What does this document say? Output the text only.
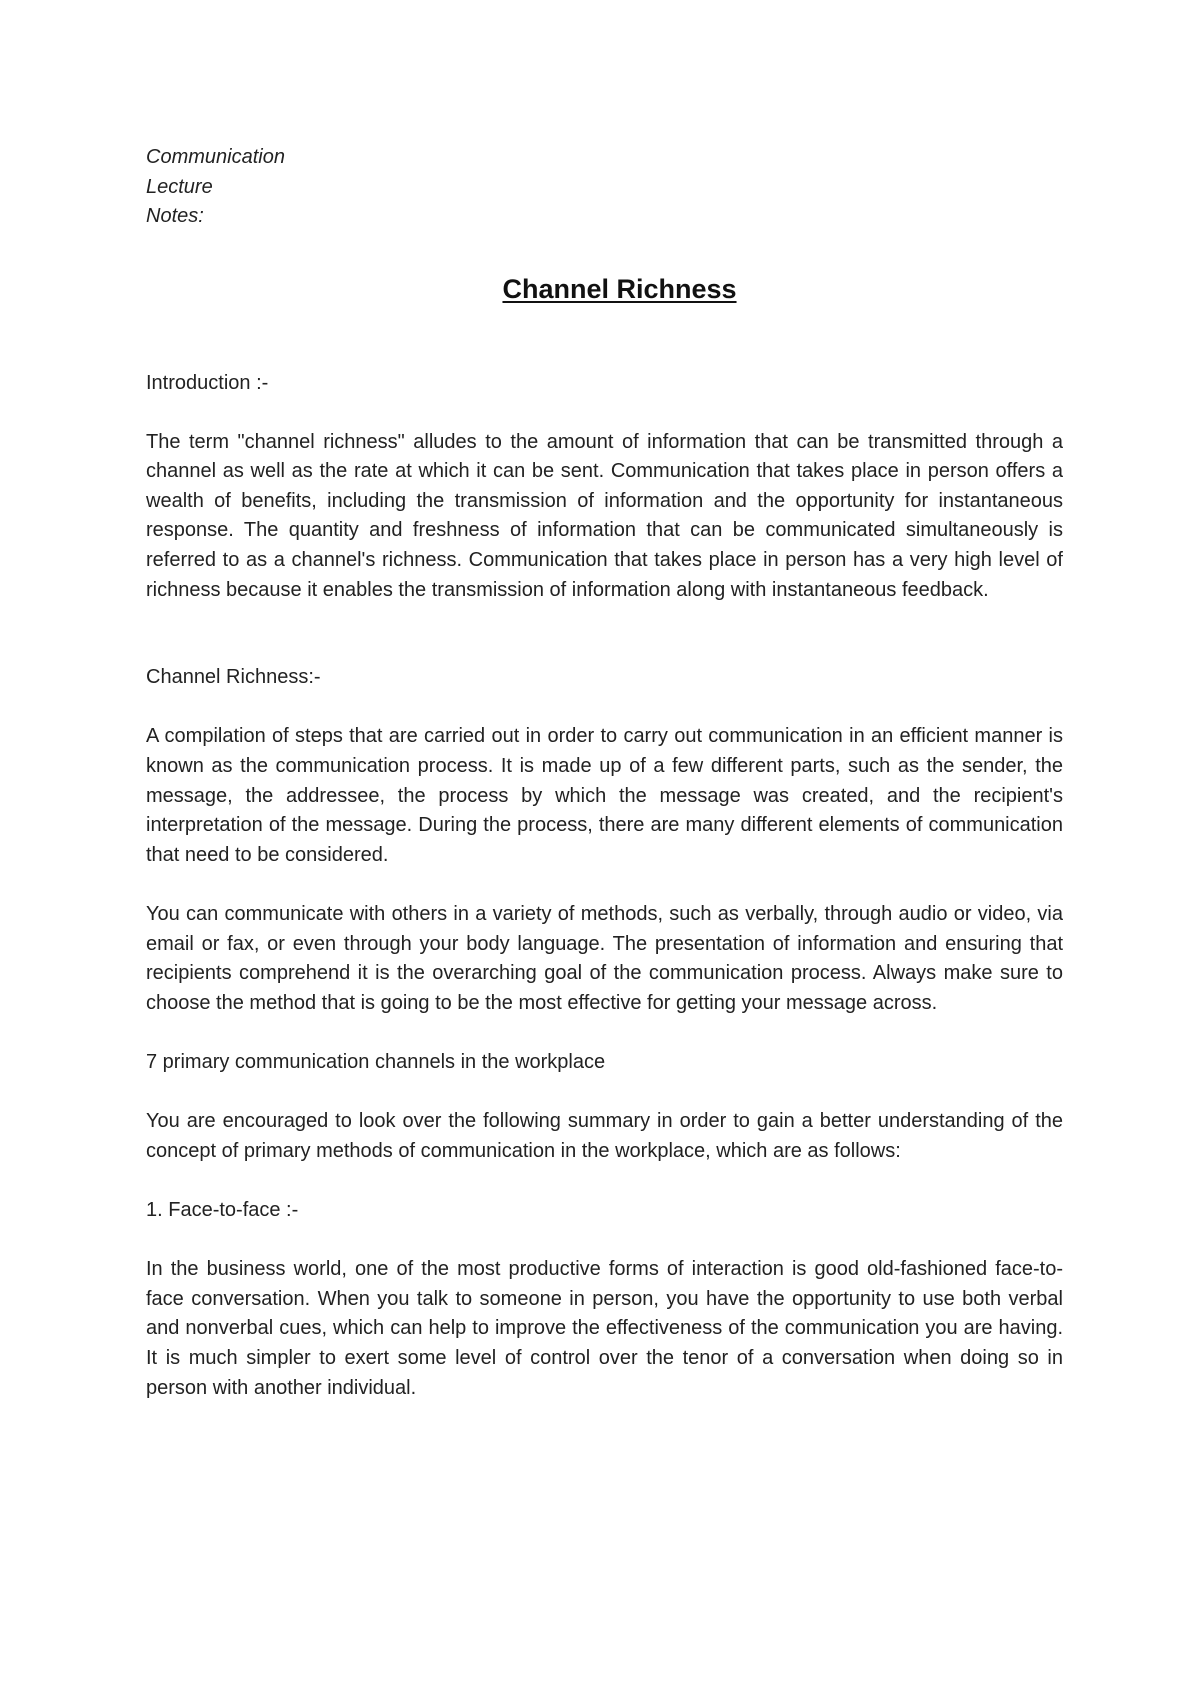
Communication
Lecture
Notes:
Channel Richness

Introduction :-

The term "channel richness" alludes to the amount of information that can be transmitted through a channel as well as the rate at which it can be sent. Communication that takes place in person offers a wealth of benefits, including the transmission of information and the opportunity for instantaneous response. The quantity and freshness of information that can be communicated simultaneously is referred to as a channel's richness. Communication that takes place in person has a very high level of richness because it enables the transmission of information along with instantaneous feedback.

Channel Richness:-

A compilation of steps that are carried out in order to carry out communication in an efficient manner is known as the communication process. It is made up of a few different parts, such as the sender, the message, the addressee, the process by which the message was created, and the recipient's interpretation of the message. During the process, there are many different elements of communication that need to be considered.

You can communicate with others in a variety of methods, such as verbally, through audio or video, via email or fax, or even through your body language. The presentation of information and ensuring that recipients comprehend it is the overarching goal of the communication process. Always make sure to choose the method that is going to be the most effective for getting your message across.

7 primary communication channels in the workplace

You are encouraged to look over the following summary in order to gain a better understanding of the concept of primary methods of communication in the workplace, which are as follows:

1. Face-to-face :-

In the business world, one of the most productive forms of interaction is good old-fashioned face-to-face conversation. When you talk to someone in person, you have the opportunity to use both verbal and nonverbal cues, which can help to improve the effectiveness of the communication you are having. It is much simpler to exert some level of control over the tenor of a conversation when doing so in person with another individual.
